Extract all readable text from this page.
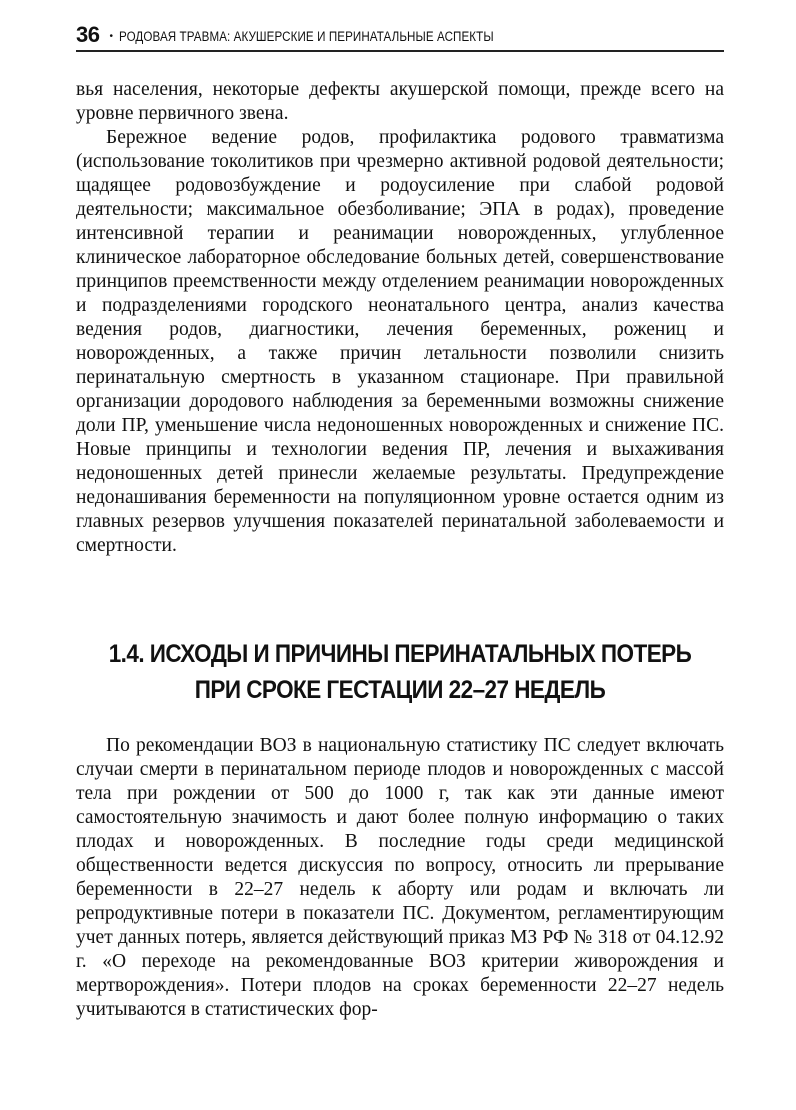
36 • РОДОВАЯ ТРАВМА: АКУШЕРСКИЕ И ПЕРИНАТАЛЬНЫЕ АСПЕКТЫ

вья населения, некоторые дефекты акушерской помощи, прежде всего на уровне первичного звена.

Бережное ведение родов, профилактика родового травматизма (использование токолитиков при чрезмерно активной родовой деятельности; щадящее родовозбуждение и родоусиление при слабой родовой деятельности; максимальное обезболивание; ЭПА в родах), проведение интенсивной терапии и реанимации новорожденных, углубленное клиническое лабораторное обследование больных детей, совершенствование принципов преемственности между отделением реанимации новорожденных и подразделениями городского неонатального центра, анализ качества ведения родов, диагностики, лечения беременных, рожениц и новорожденных, а также причин летальности позволили снизить перинатальную смертность в указанном стационаре. При правильной организации дородового наблюдения за беременными возможны снижение доли ПР, уменьшение числа недоношенных новорожденных и снижение ПС. Новые принципы и технологии ведения ПР, лечения и выхаживания недоношенных детей принесли желаемые результаты. Предупреждение недонашивания беременности на популяционном уровне остается одним из главных резервов улучшения показателей перинатальной заболеваемости и смертности.

1.4. ИСХОДЫ И ПРИЧИНЫ ПЕРИНАТАЛЬНЫХ ПОТЕРЬ
ПРИ СРОКЕ ГЕСТАЦИИ 22–27 НЕДЕЛЬ

По рекомендации ВОЗ в национальную статистику ПС следует включать случаи смерти в перинатальном периоде плодов и новорожденных с массой тела при рождении от 500 до 1000 г, так как эти данные имеют самостоятельную значимость и дают более полную информацию о таких плодах и новорожденных. В последние годы среди медицинской общественности ведется дискуссия по вопросу, относить ли прерывание беременности в 22–27 недель к аборту или родам и включать ли репродуктивные потери в показатели ПС. Документом, регламентирующим учет данных потерь, является действующий приказ МЗ РФ № 318 от 04.12.92 г. «О переходе на рекомендованные ВОЗ критерии живорождения и мертворождения». Потери плодов на сроках беременности 22–27 недель учитываются в статистических фор-
